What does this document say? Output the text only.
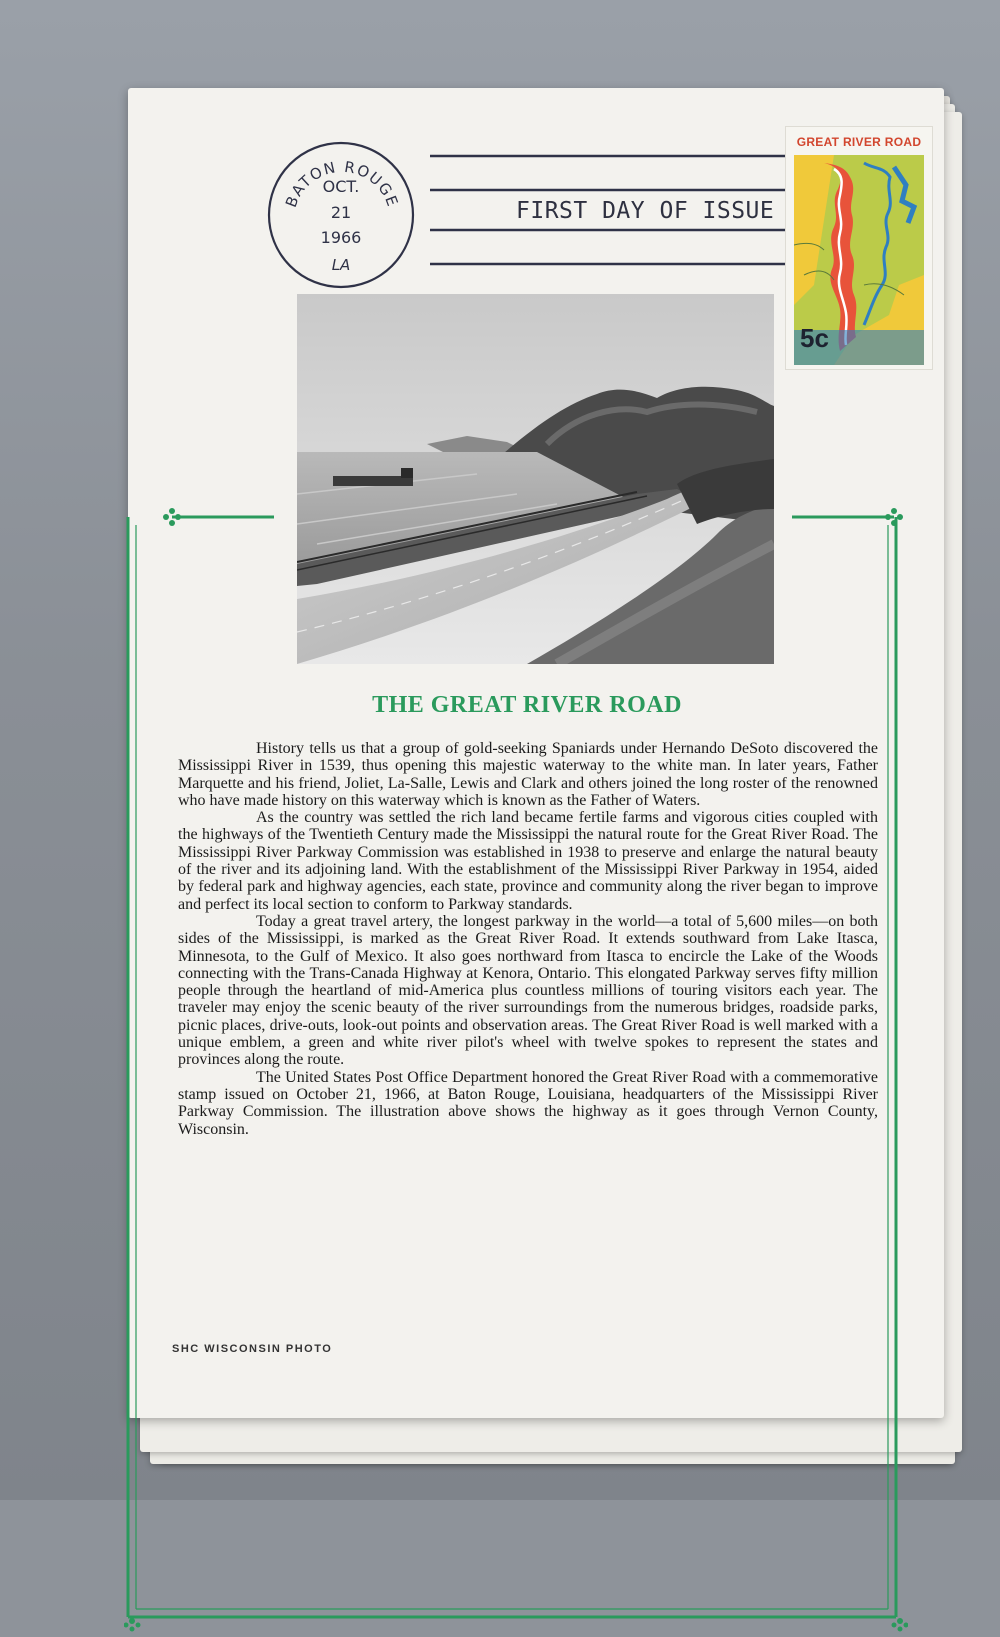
BATON ROUGE
OCT.
21
1966
LA
FIRST DAY OF ISSUE
GREAT RIVER ROAD
5c
THE GREAT RIVER ROAD

History tells us that a group of gold-seeking Spaniards under Hernando DeSoto discovered the Mississippi River in 1539, thus opening this majestic waterway to the white man. In later years, Father Marquette and his friend, Joliet, La-Salle, Lewis and Clark and others joined the long roster of the renowned who have made history on this waterway which is known as the Father of Waters.

As the country was settled the rich land became fertile farms and vigorous cities coupled with the highways of the Twentieth Century made the Mississippi the natural route for the Great River Road. The Mississippi River Parkway Commission was established in 1938 to preserve and enlarge the natural beauty of the river and its adjoining land. With the establishment of the Mississippi River Parkway in 1954, aided by federal park and highway agencies, each state, province and community along the river began to improve and perfect its local section to conform to Parkway standards.

Today a great travel artery, the longest parkway in the world—a total of 5,600 miles—on both sides of the Mississippi, is marked as the Great River Road. It extends southward from Lake Itasca, Minnesota, to the Gulf of Mexico. It also goes northward from Itasca to encircle the Lake of the Woods connecting with the Trans-Canada Highway at Kenora, Ontario. This elongated Parkway serves fifty million people through the heartland of mid-America plus countless millions of touring visitors each year. The traveler may enjoy the scenic beauty of the river surroundings from the numerous bridges, roadside parks, picnic places, drive-outs, look-out points and observation areas. The Great River Road is well marked with a unique emblem, a green and white river pilot's wheel with twelve spokes to represent the states and provinces along the route.

The United States Post Office Department honored the Great River Road with a commemorative stamp issued on October 21, 1966, at Baton Rouge, Louisiana, headquarters of the Mississippi River Parkway Commission. The illustration above shows the highway as it goes through Vernon County, Wisconsin.

SHC WISCONSIN PHOTO
